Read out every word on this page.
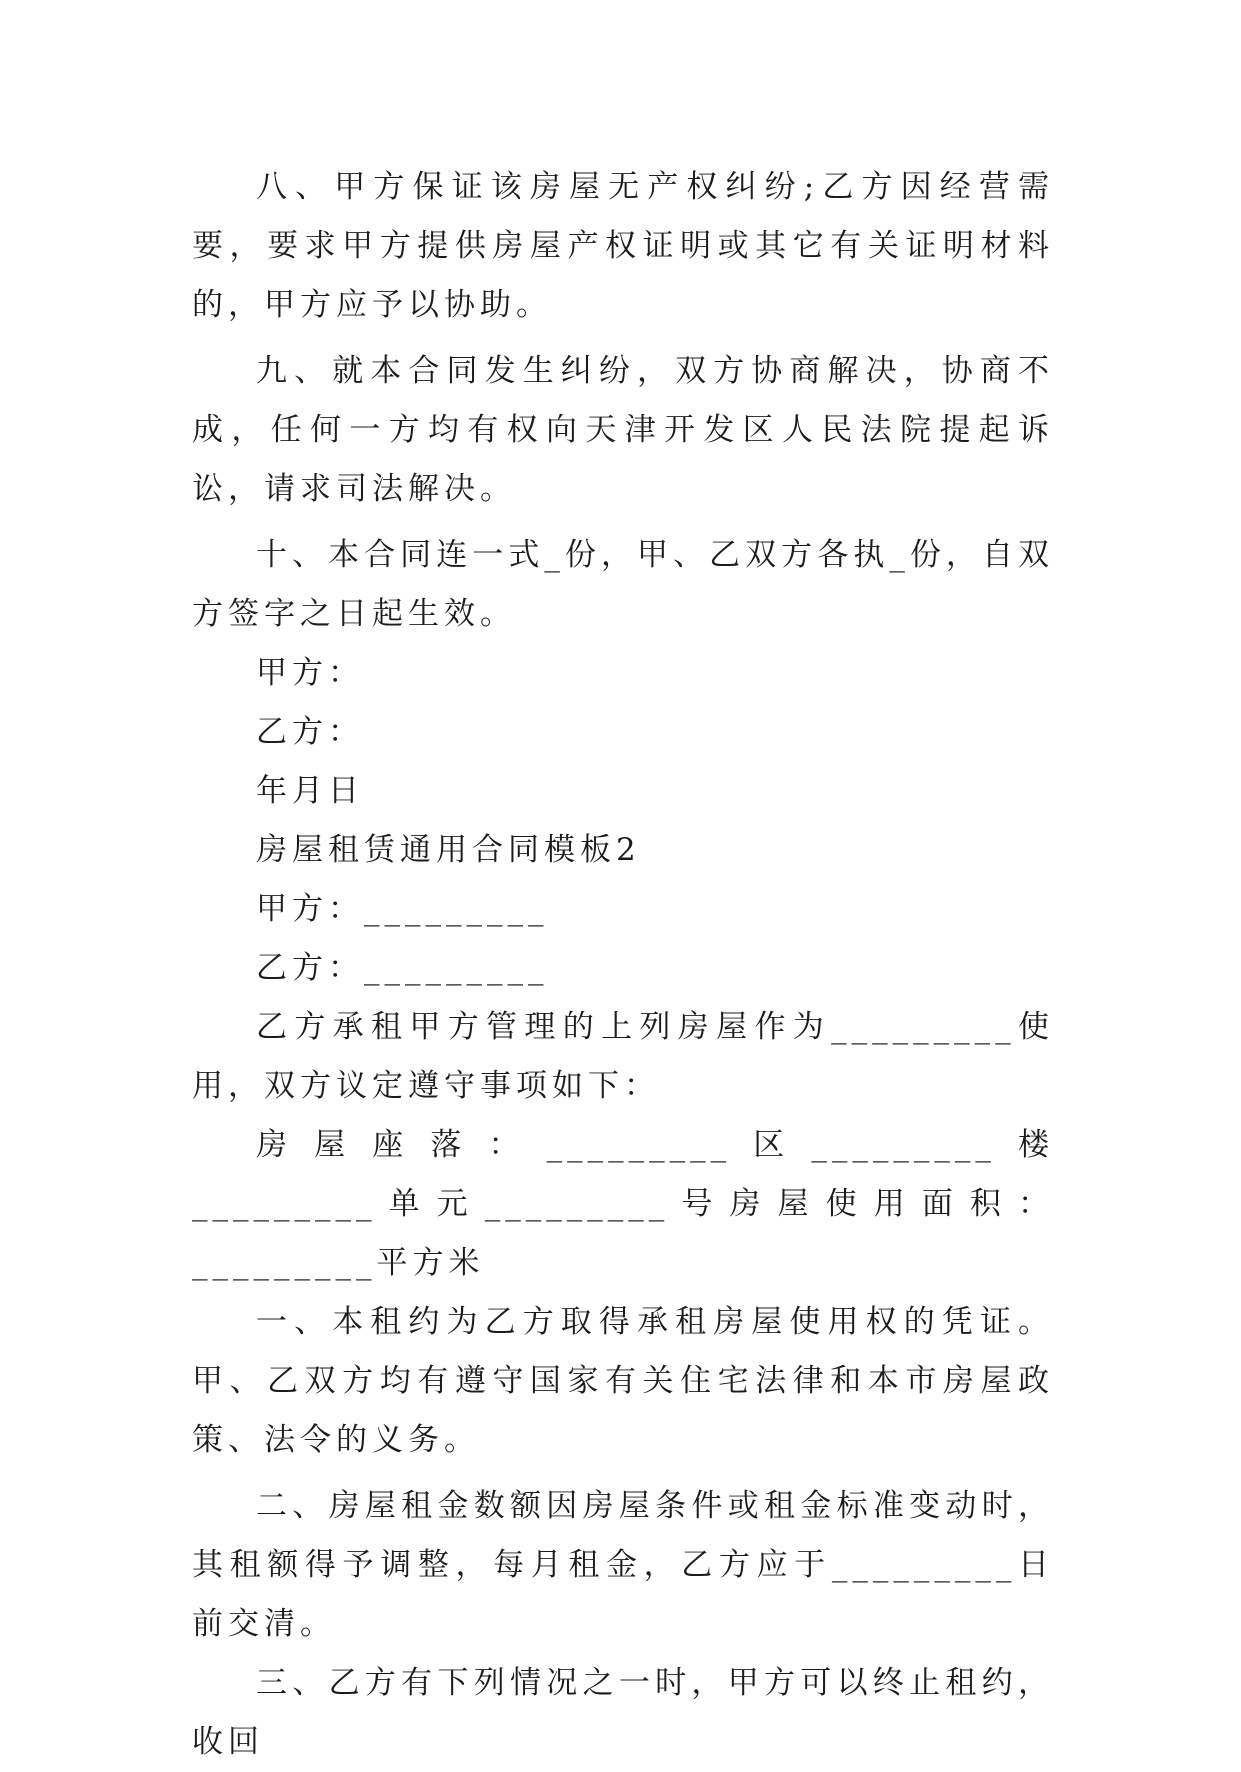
八、甲方保证该房屋无产权纠纷;乙方因经营需要，要求甲方提供房屋产权证明或其它有关证明材料的，甲方应予以协助。

九、就本合同发生纠纷，双方协商解决，协商不成，任何一方均有权向天津开发区人民法院提起诉讼，请求司法解决。

十、本合同连一式_份，甲、乙双方各执_份，自双方签字之日起生效。

甲方：

乙方：

年月日

房屋租赁通用合同模板2

甲方：_________

乙方：_________

乙方承租甲方管理的上列房屋作为_________使用，双方议定遵守事项如下：

房屋座落：_________区_________楼_________单元_________号房屋使用面积：_________平方米

一、本租约为乙方取得承租房屋使用权的凭证。甲、乙双方均有遵守国家有关住宅法律和本市房屋政策、法令的义务。

二、房屋租金数额因房屋条件或租金标准变动时，其租额得予调整，每月租金，乙方应于_________日前交清。

三、乙方有下列情况之一时，甲方可以终止租约，收回
